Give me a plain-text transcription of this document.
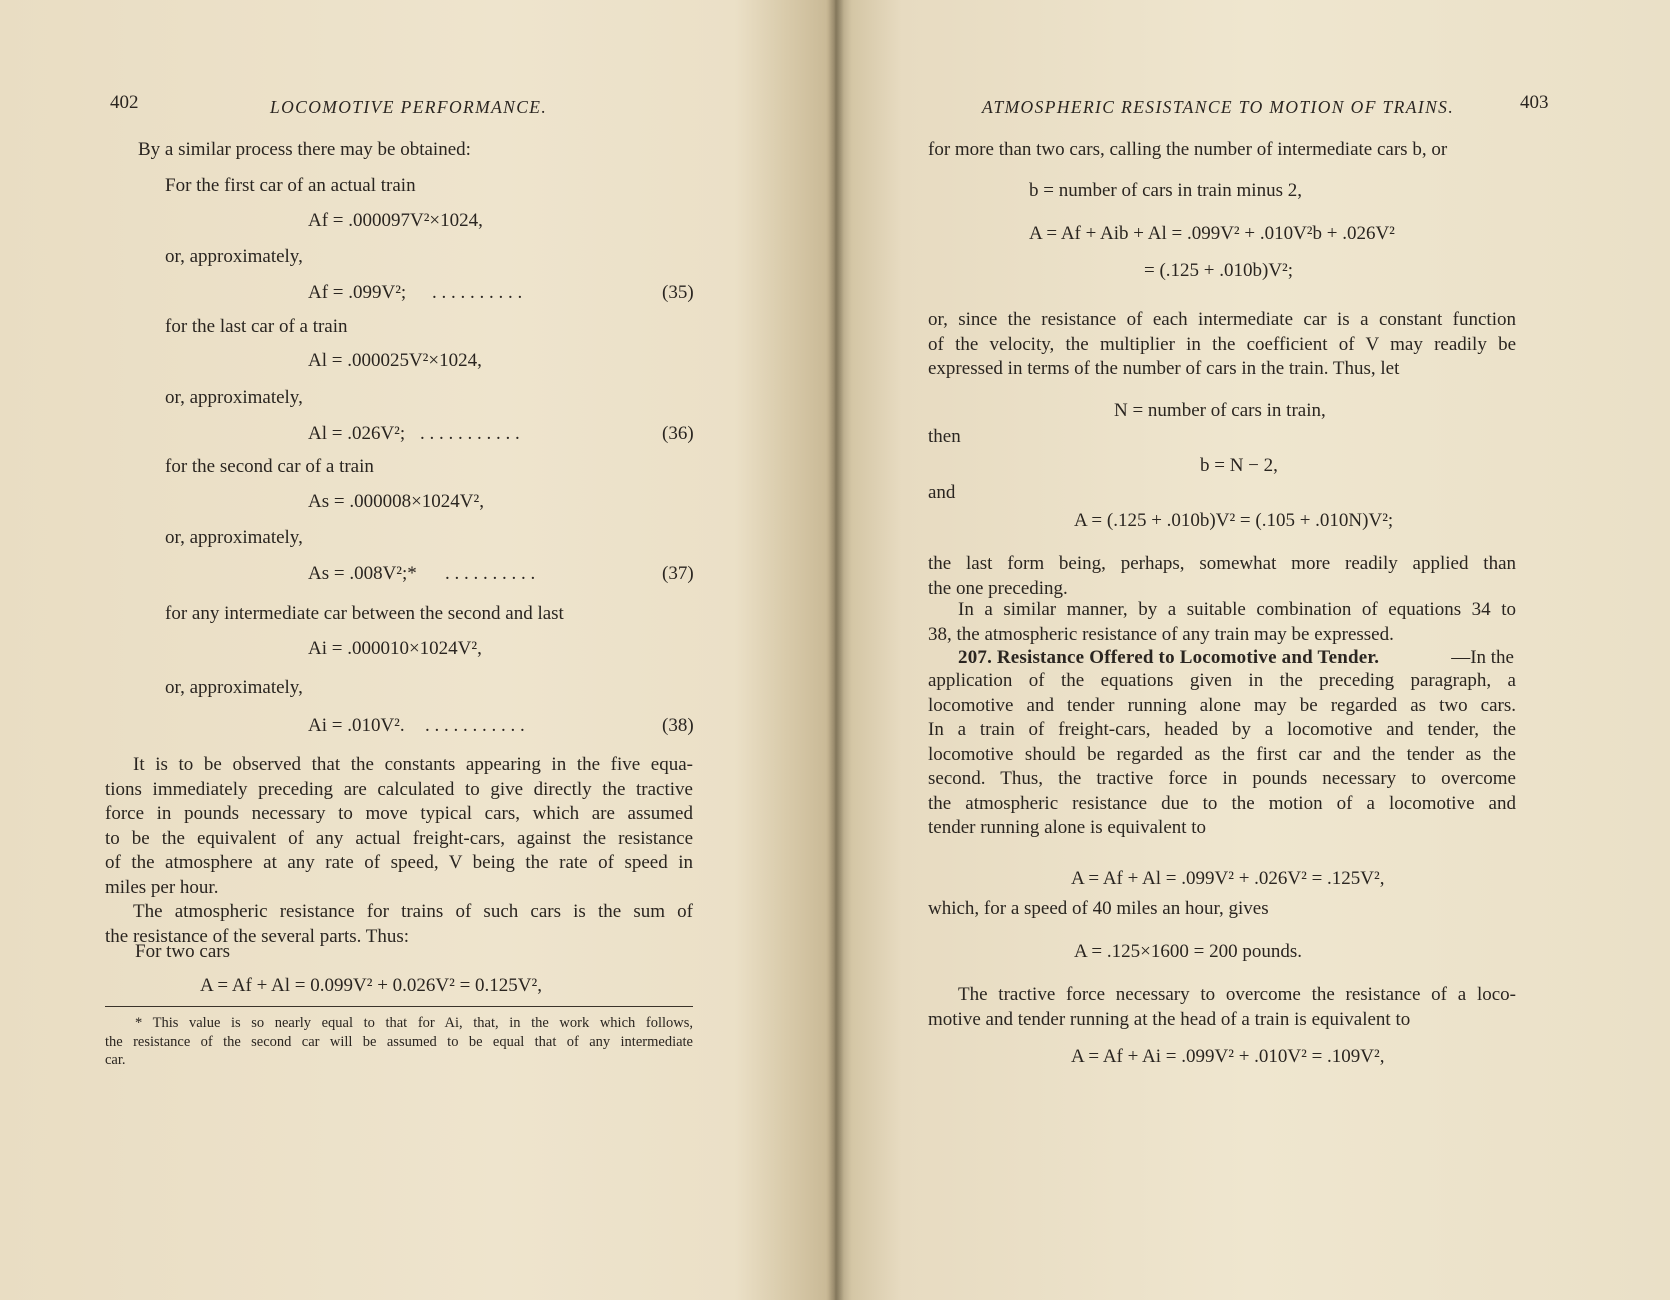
402	LOCOMOTIVE PERFORMANCE.
By a similar process there may be obtained:
For the first car of an actual train
Af = .000097V²×1024,
or, approximately,
Af = .099V²; . . . . . . . . . .	(35)
for the last car of a train
Al = .000025V²×1024,
or, approximately,
Al = .026V²; . . . . . . . . . . .	(36)
for the second car of a train
As = .000008×1024V²,
or, approximately,
As = .008V²;* . . . . . . . . . .	(37)
for any intermediate car between the second and last
Ai = .000010×1024V²,
or, approximately,
Ai = .010V². . . . . . . . . . . .	(38)
It is to be observed that the constants appearing in the five equa-
tions immediately preceding are calculated to give directly the tractive
force in pounds necessary to move typical cars, which are assumed
to be the equivalent of any actual freight-cars, against the resistance
of the atmosphere at any rate of speed, V being the rate of speed in
miles per hour.
The atmospheric resistance for trains of such cars is the sum of
the resistance of the several parts. Thus:
For two cars
A = Af + Al = 0.099V² + 0.026V² = 0.125V²,
* This value is so nearly equal to that for Ai, that, in the work which follows,
the resistance of the second car will be assumed to be equal that of any intermediate
car.
ATMOSPHERIC RESISTANCE TO MOTION OF TRAINS.	403
for more than two cars, calling the number of intermediate cars b, or
b = number of cars in train minus 2,
A = Af + Aib + Al = .099V² + .010V²b + .026V²
= (.125 + .010b)V²;
or, since the resistance of each intermediate car is a constant function
of the velocity, the multiplier in the coefficient of V may readily be
expressed in terms of the number of cars in the train. Thus, let
N = number of cars in train,
then
b = N − 2,
and
A = (.125 + .010b)V² = (.105 + .010N)V²;
the last form being, perhaps, somewhat more readily applied than
the one preceding.
In a similar manner, by a suitable combination of equations 34 to
38, the atmospheric resistance of any train may be expressed.
207. Resistance Offered to Locomotive and Tender.	—In the
application of the equations given in the preceding paragraph, a
locomotive and tender running alone may be regarded as two cars.
In a train of freight-cars, headed by a locomotive and tender, the
locomotive should be regarded as the first car and the tender as the
second. Thus, the tractive force in pounds necessary to overcome
the atmospheric resistance due to the motion of a locomotive and
tender running alone is equivalent to
A = Af + Al = .099V² + .026V² = .125V²,
which, for a speed of 40 miles an hour, gives
A = .125×1600 = 200 pounds.
The tractive force necessary to overcome the resistance of a loco-
motive and tender running at the head of a train is equivalent to
A = Af + Ai = .099V² + .010V² = .109V²,
